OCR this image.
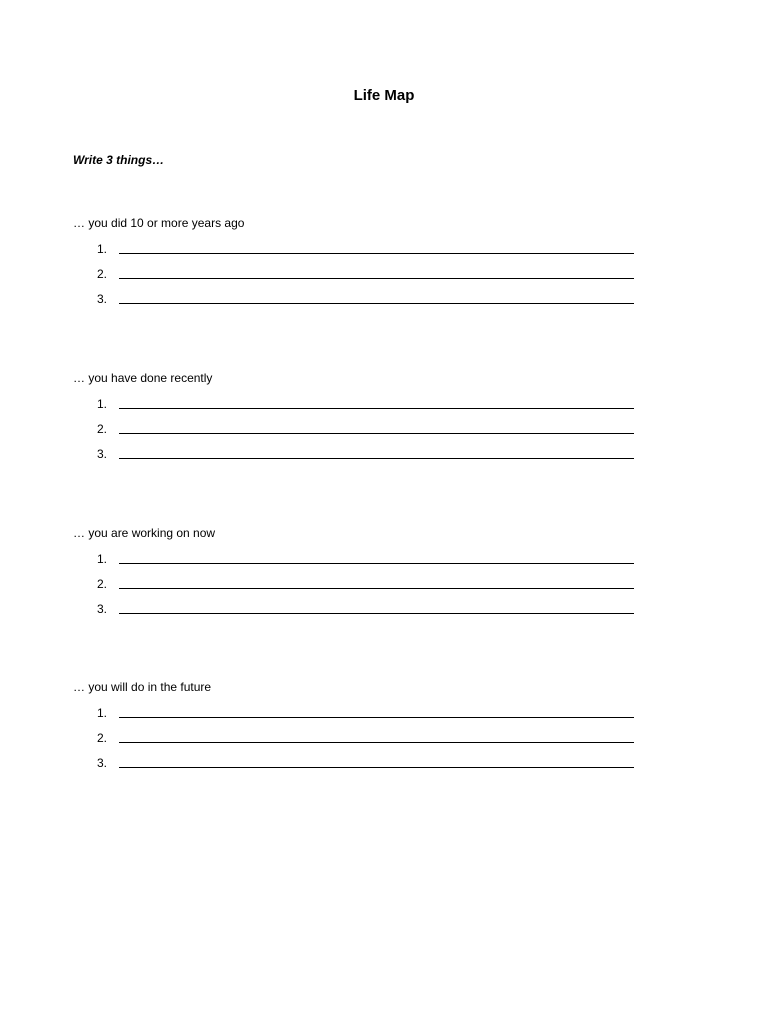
Life Map
Write 3 things…

… you did 10 or more years ago

1.
2.
3.

… you have done recently

1.
2.
3.

… you are working on now

1.
2.
3.

… you will do in the future

1.
2.
3.
